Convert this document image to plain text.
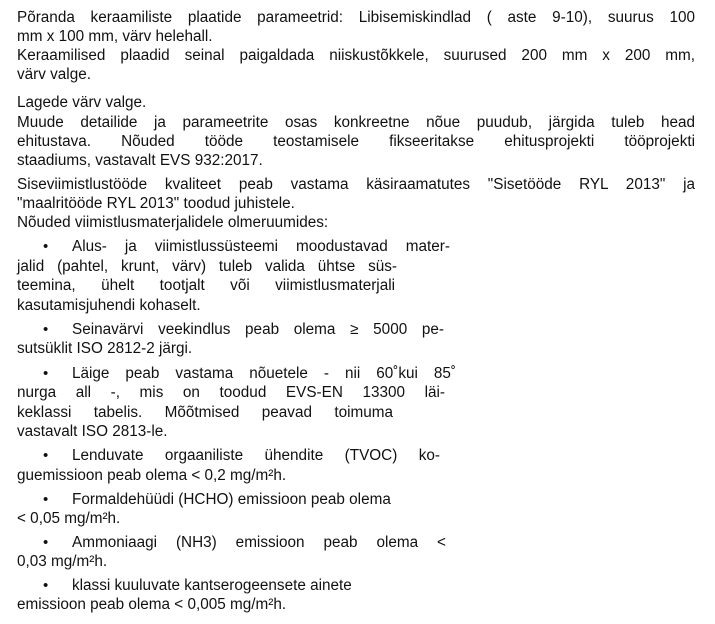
Põranda keraamiliste plaatide parameetrid: Libisemiskindlad ( aste 9-10), suurus 100
mm x 100 mm, värv helehall.
Keraamilised plaadid seinal paigaldada niiskustõkkele, suurused 200 mm x 200 mm,
värv valge.
Lagede värv valge.
Muude detailide ja parameetrite osas konkreetne nõue puudub, järgida tuleb head
ehitustava. Nõuded tööde teostamisele fikseeritakse ehitusprojekti tööprojekti
staadiums, vastavalt EVS 932:2017.
Siseviimistlustööde kvaliteet peab vastama käsiraamatutes "Sisetööde RYL 2013" ja
"maalritööde RYL 2013" toodud juhistele.
Nõuded viimistlusmaterjalidele olmeruumides:
• Alus- ja viimistlussüsteemi moodustavad mater-
jalid (pahtel, krunt, värv) tuleb valida ühtse süs-
teemina, ühelt tootjalt või viimistlusmaterjali
kasutamisjuhendi kohaselt.
• Seinavärvi veekindlus peab olema ≥ 5000 pe-
sutsüklit ISO 2812-2 järgi.
• Läige peab vastama nõuetele - nii 60˚kui 85˚
nurga all -, mis on toodud EVS-EN 13300 läi-
keklassi tabelis. Mõõtmised peavad toimuma
vastavalt ISO 2813-le.
• Lenduvate orgaaniliste ühendite (TVOC) ko-
guemissioon peab olema < 0,2 mg/m²h.
• Formaldehüüdi (HCHO) emissioon peab olema
< 0,05 mg/m²h.
• Ammoniaagi (NH3) emissioon peab olema <
0,03 mg/m²h.
• klassi kuuluvate kantserogeensete ainete
emissioon peab olema < 0,005 mg/m²h.
